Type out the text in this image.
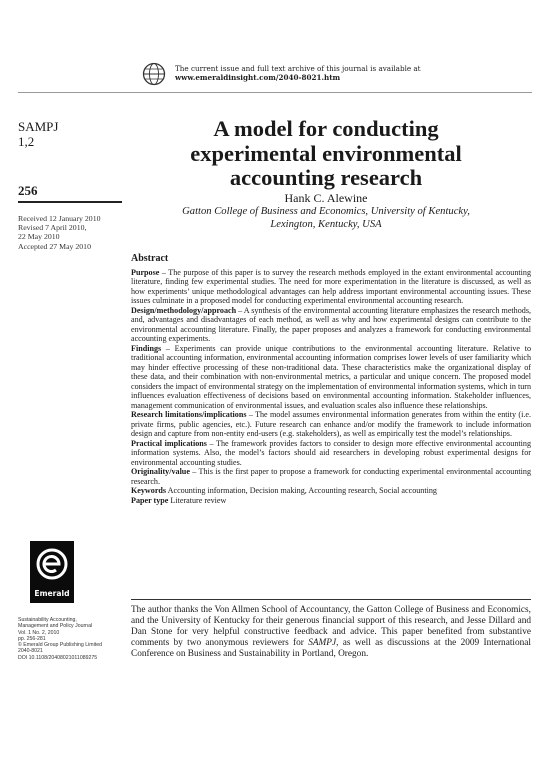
The current issue and full text archive of this journal is available at
www.emeraldinsight.com/2040-8021.htm
SAMPJ
1,2
256
Received 12 January 2010
Revised 7 April 2010,
22 May 2010
Accepted 27 May 2010
A model for conducting
experimental environmental
accounting research
Hank C. Alewine
Gatton College of Business and Economics, University of Kentucky,
Lexington, Kentucky, USA
Abstract

Purpose – The purpose of this paper is to survey the research methods employed in the extant environmental accounting literature, finding few experimental studies. The need for more experimentation in the literature is discussed, as well as how experiments’ unique methodological advantages can help address important environmental accounting issues. These issues culminate in a proposed model for conducting experimental environmental accounting research.

Design/methodology/approach – A synthesis of the environmental accounting literature emphasizes the research methods, and, advantages and disadvantages of each method, as well as why and how experimental designs can contribute to the environmental accounting literature. Finally, the paper proposes and analyzes a framework for conducting environmental accounting experiments.

Findings – Experiments can provide unique contributions to the environmental accounting literature. Relative to traditional accounting information, environmental accounting information comprises lower levels of user familiarity which may hinder effective processing of these non-traditional data. These characteristics make the organizational display of these data, and their combination with non-environmental metrics, a particular and unique concern. The proposed model considers the impact of environmental strategy on the implementation of environmental information systems, which in turn influences evaluation effectiveness of decisions based on environmental accounting information. Stakeholder influences, management communication of environmental issues, and evaluation scales also influence these relationships.

Research limitations/implications – The model assumes environmental information generates from within the entity (i.e. private firms, public agencies, etc.). Future research can enhance and/or modify the framework to include information design and capture from non-entity end-users (e.g. stakeholders), as well as empirically test the model’s relationships.

Practical implications – The framework provides factors to consider to design more effective environmental accounting information systems. Also, the model’s factors should aid researchers in developing robust experimental designs for environmental accounting studies.

Originality/value – This is the first paper to propose a framework for conducting experimental environmental accounting research.

Keywords Accounting information, Decision making, Accounting research, Social accounting

Paper type Literature review

Emerald
Sustainability Accounting,
Management and Policy Journal
Vol. 1 No. 2, 2010
pp. 256-281
© Emerald Group Publishing Limited
2040-8021
DOI 10.1108/20408021011089275
The author thanks the Von Allmen School of Accountancy, the Gatton College of Business and Economics, and the University of Kentucky for their generous financial support of this research, and Jesse Dillard and Dan Stone for very helpful constructive feedback and advice. This paper benefited from substantive comments by two anonymous reviewers for SAMPJ, as well as discussions at the 2009 International Conference on Business and Sustainability in Portland, Oregon.
